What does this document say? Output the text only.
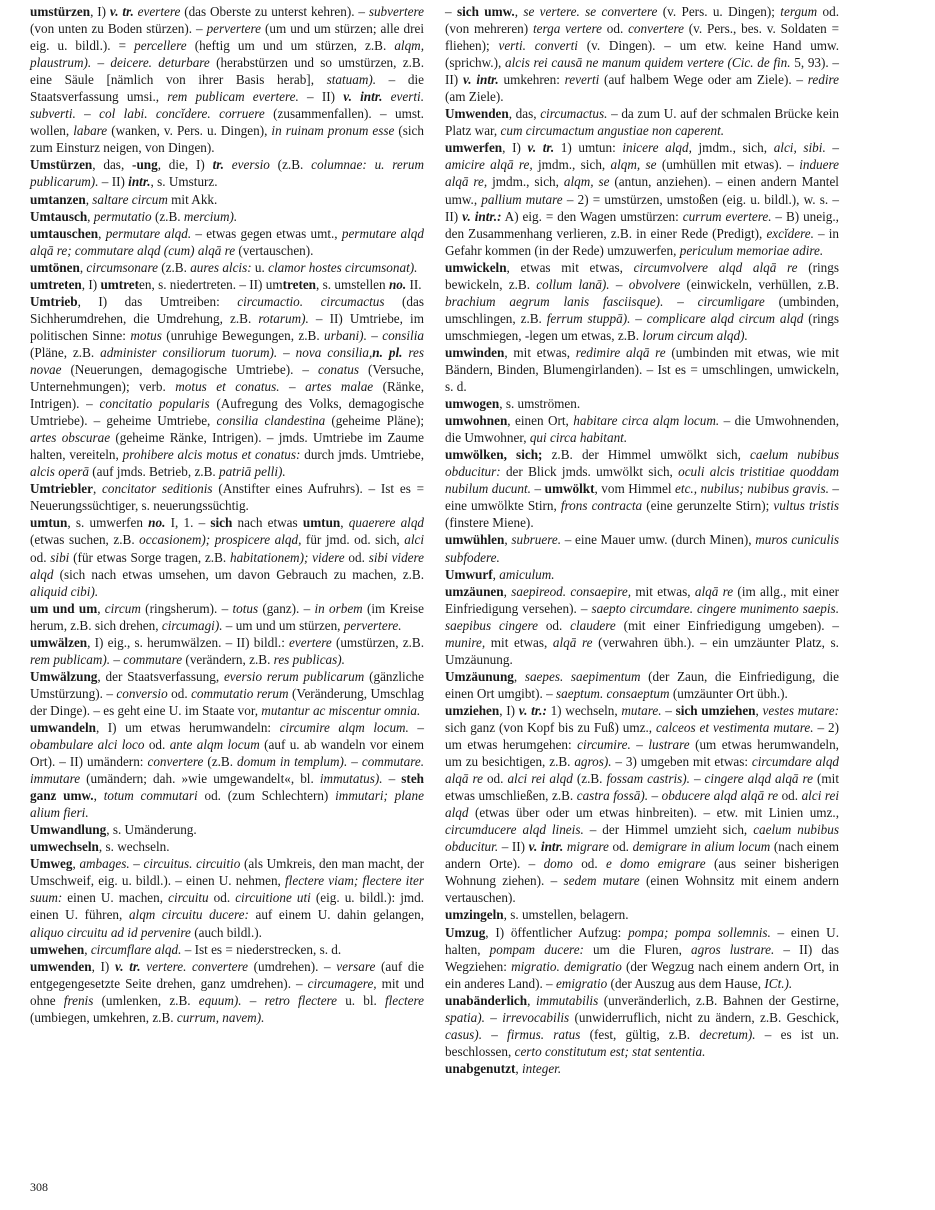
umstürzen, I) v. tr. evertere (das Oberste zu unterst kehren). – subvertere (von unten zu Boden stürzen). – pervertere (um und um stürzen; alle drei eig. u. bildl.). = percellere (heftig um und um stürzen, z.B. alqm, plaustrum). – deicere. deturbare (herabstürzen und so umstürzen, z.B. eine Säule [nämlich von ihrer Basis herab], statuam). – die Staatsverfassung umsi., rem publicam evertere. – II) v. intr. everti. subverti. – col labi. concĭdere. corruere (zusammenfallen). – umst. wollen, labare (wanken, v. Pers. u. Dingen), in ruinam pronum esse (sich zum Einsturz neigen, von Dingen).

Umstürzen, das, -ung, die, I) tr. eversio (z.B. columnae: u. rerum publicarum). – II) intr., s. Umsturz.

umtanzen, saltare circum mit Akk.

Umtausch, permutatio (z.B. mercium).

umtauschen, permutare alqd. – etwas gegen etwas umt., permutare alqd alqā re; commutare alqd (cum) alqā re (vertauschen).

umtönen, circumsonare (z.B. aures alcis: u. clamor hostes circumsonat).

umtreten, I) umtreten, s. niedertreten. – II) umtreten, s. umstellen no. II.

Umtrieb, I) das Umtreiben: circumactio. circumactus (das Sichherumdrehen, die Umdrehung, z.B. rotarum). – II) Umtriebe, im politischen Sinne: motus (unruhige Bewegungen, z.B. urbani). – consilia (Pläne, z.B. administer consiliorum tuorum). – nova consilia,n. pl. res novae (Neuerungen, demagogische Umtriebe). – conatus (Versuche, Unternehmungen); verb. motus et conatus. – artes malae (Ränke, Intrigen). – concitatio popularis (Aufregung des Volks, demagogische Umtriebe). – geheime Umtriebe, consilia clandestina (geheime Pläne); artes obscurae (geheime Ränke, Intrigen). – jmds. Umtriebe im Zaume halten, vereiteln, prohibere alcis motus et conatus: durch jmds. Umtriebe, alcis operā (auf jmds. Betrieb, z.B. patriā pelli).

Umtriebler, concitator seditionis (Anstifter eines Aufruhrs). – Ist es = Neuerungssüchtiger, s. neuerungssüchtig.

umtun, s. umwerfen no. I, 1. – sich nach etwas umtun, quaerere alqd (etwas suchen, z.B. occasionem); prospicere alqd, für jmd. od. sich, alci od. sibi (für etwas Sorge tragen, z.B. habitationem); videre od. sibi videre alqd (sich nach etwas umsehen, um davon Gebrauch zu machen, z.B. aliquid cibi).

um und um, circum (ringsherum). – totus (ganz). – in orbem (im Kreise herum, z.B. sich drehen, circumagi). – um und um stürzen, pervertere.

umwälzen, I) eig., s. herumwälzen. – II) bildl.: evertere (umstürzen, z.B. rem publicam). – commutare (verändern, z.B. res publicas).

Umwälzung, der Staatsverfassung, eversio rerum publicarum (gänzliche Umstürzung). – conversio od. commutatio rerum (Veränderung, Umschlag der Dinge). – es geht eine U. im Staate vor, mutantur ac miscentur omnia.

umwandeln, I) um etwas herumwandeln: circumire alqm locum. – obambulare alci loco od. ante alqm locum (auf u. ab wandeln vor einem Ort). – II) umändern: convertere (z.B. domum in templum). – commutare. immutare (umändern; dah. »wie umgewandelt«, bl. immutatus). – steh ganz umw., totum commutari od. (zum Schlechtern) immutari; plane alium fieri.

Umwandlung, s. Umänderung.

umwechseln, s. wechseln.

Umweg, ambages. – circuitus. circuitio (als Umkreis, den man macht, der Umschweif, eig. u. bildl.). – einen U. nehmen, flectere viam; flectere iter suum: einen U. machen, circuitu od. circuitione uti (eig. u. bildl.): jmd. einen U. führen, alqm circuitu ducere: auf einem U. dahin gelangen, aliquo circuitu ad id pervenire (auch bildl.).

umwehen, circumflare alqd. – Ist es = niederstrecken, s. d.

umwenden, I) v. tr. vertere. convertere (umdrehen). – versare (auf die entgegengesetzte Seite drehen, ganz umdrehen). – circumagere, mit und ohne frenis (umlenken, z.B. equum). – retro flectere u. bl. flectere (umbiegen, umkehren, z.B. currum, navem).

– sich umw., se vertere. se convertere (v. Pers. u. Dingen); tergum od. (von mehreren) terga vertere od. convertere (v. Pers., bes. v. Soldaten = fliehen); verti. converti (v. Dingen). – um etw. keine Hand umw. (sprichw.), alcis rei causā ne manum quidem vertere (Cic. de fin. 5, 93). – II) v. intr. umkehren: reverti (auf halbem Wege oder am Ziele). – redire (am Ziele).

Umwenden, das, circumactus. – da zum U. auf der schmalen Brücke kein Platz war, cum circumactum angustiae non caperent.

umwerfen, I) v. tr. 1) umtun: inicere alqd, jmdm., sich, alci, sibi. – amicire alqā re, jmdm., sich, alqm, se (umhüllen mit etwas). – induere alqā re, jmdm., sich, alqm, se (antun, anziehen). – einen andern Mantel umw., pallium mutare – 2) = umstürzen, umstoßen (eig. u. bildl.), w. s. – II) v. intr.: A) eig. = den Wagen umstürzen: currum evertere. – B) uneig., den Zusammenhang verlieren, z.B. in einer Rede (Predigt), excĭdere. – in Gefahr kommen (in der Rede) umzuwerfen, periculum memoriae adire.

umwickeln, etwas mit etwas, circumvolvere alqd alqā re (rings bewickeln, z.B. collum lanā). – obvolvere (einwickeln, verhüllen, z.B. brachium aegrum lanis fasciisque). – circumligare (umbinden, umschlingen, z.B. ferrum stuppā). – complicare alqd circum alqd (rings umschmiegen, -legen um etwas, z.B. lorum circum alqd).

umwinden, mit etwas, redimire alqā re (umbinden mit etwas, wie mit Bändern, Binden, Blumengirlanden). – Ist es = umschlingen, umwickeln, s. d.

umwogen, s. umströmen.

umwohnen, einen Ort, habitare circa alqm locum. – die Umwohnenden, die Umwohner, qui circa habitant.

umwölken, sich; z.B. der Himmel umwölkt sich, caelum nubibus obducitur: der Blick jmds. umwölkt sich, oculi alcis tristitiae quoddam nubilum ducunt. – umwölkt, vom Himmel etc., nubilus; nubibus gravis. – eine umwölkte Stirn, frons contracta (eine gerunzelte Stirn); vultus tristis (finstere Miene).

umwühlen, subruere. – eine Mauer umw. (durch Minen), muros cuniculis subfodere.

Umwurf, amiculum.

umzäunen, saepireod. consaepire, mit etwas, alqā re (im allg., mit einer Einfriedigung versehen). – saepto circumdare. cingere munimento saepis. saepibus cingere od. claudere (mit einer Einfriedigung umgeben). – munire, mit etwas, alqā re (verwahren übh.). – ein umzäunter Platz, s. Umzäunung.

Umzäunung, saepes. saepimentum (der Zaun, die Einfriedigung, die einen Ort umgibt). – saeptum. consaeptum (umzäunter Ort übh.).

umziehen, I) v. tr.: 1) wechseln, mutare. – sich umziehen, vestes mutare: sich ganz (von Kopf bis zu Fuß) umz., calceos et vestimenta mutare. – 2) um etwas herumgehen: circumire. – lustrare (um etwas herumwandeln, um zu besichtigen, z.B. agros). – 3) umgeben mit etwas: circumdare alqd alqā re od. alci rei alqd (z.B. fossam castris). – cingere alqd alqā re (mit etwas umschließen, z.B. castra fossā). – obducere alqd alqā re od. alci rei alqd (etwas über oder um etwas hinbreiten). – etw. mit Linien umz., circumducere alqd lineis. – der Himmel umzieht sich, caelum nubibus obducitur. – II) v. intr. migrare od. demigrare in alium locum (nach einem andern Orte). – domo od. e domo emigrare (aus seiner bisherigen Wohnung ziehen). – sedem mutare (einen Wohnsitz mit einem andern vertauschen).

umzingeln, s. umstellen, belagern.

Umzug, I) öffentlicher Aufzug: pompa; pompa sollemnis. – einen U. halten, pompam ducere: um die Fluren, agros lustrare. – II) das Wegziehen: migratio. demigratio (der Wegzug nach einem andern Ort, in ein anderes Land). – emigratio (der Auszug aus dem Hause, ICt.).

unabänderlich, immutabilis (unveränderlich, z.B. Bahnen der Gestirne, spatia). – irrevocabilis (unwiderruflich, nicht zu ändern, z.B. Geschick, casus). – firmus. ratus (fest, gültig, z.B. decretum). – es ist un. beschlossen, certo constitutum est; stat sententia.

unabgenutzt, integer.

308
